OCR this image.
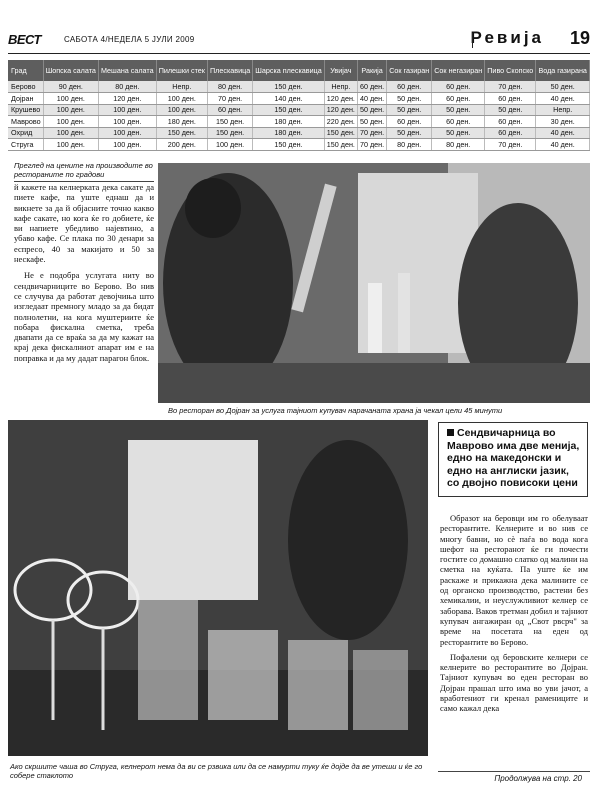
ВЕСТ	САБОТА 4/НЕДЕЛА 5 ЈУЛИ 2009	Ревија 19
Град	Шопска салата	Мешана салата	Пилешки стек	Плескавица	Шарска плескавица	Увијач	Ракија	Сок газиран	Сок негазиран	Пиво Скопско	Вода газирана
Берово	90 ден.	80 ден.	Непр.	80 ден.	150 ден.	Непр.	60 ден.	60 ден.	60 ден.	70 ден.	50 ден.
Дојран	100 ден.	120 ден.	100 ден.	70 ден.	140 ден.	120 ден.	40 ден.	50 ден.	60 ден.	60 ден.	40 ден.
Крушево	100 ден.	100 ден.	100 ден.	60 ден.	150 ден.	120 ден.	50 ден.	50 ден.	50 ден.	50 ден.	Непр.
Маврово	100 ден.	100 ден.	180 ден.	150 ден.	180 ден.	220 ден.	50 ден.	60 ден.	60 ден.	60 ден.	30 ден.
Охрид	100 ден.	100 ден.	150 ден.	150 ден.	180 ден.	150 ден.	70 ден.	50 ден.	50 ден.	60 ден.	40 ден.
Струга	100 ден.	100 ден.	200 ден.	100 ден.	150 ден.	150 ден.	70 ден.	80 ден.	80 ден.	70 ден.	40 ден.
Преглед на цените на производите во рестораните по градови

й кажете на келнерката дека сакате да пиете кафе, па уште еднаш да и викнете за да й објасните точно какво кафе сакате, но кога ќе го добиете, ќе ви напиете убедливо најевтино, а убаво кафе. Се плака по 30 денари за еспресо, 40 за макијато и 50 за нескафе.

Не е подобра услугата ниту во сендвичарниците во Берово. Во нив се случува да работат девојчиња што изгледаат премногу младо за да бидат полнолетни, на кога муштериите ќе побара фискална сметка, треба двапати да се враќа за да му кажат на крај дека фискалниот апарат им е на поправка и да му дадат парагон блок.

Во ресторан во Дојран за услуга тајниот купувач нарачаната храна ја чекал цели 45 минути
Ако скршите чаша во Струга, келнерот нема да ви се рзвика или да се намурти туку ќе дојде да ве утеши и ќе го собере стаклото
Сендвичарница во Маврово има две менија, едно на македонски и едно на англиски јазик, со двојно повисоки цени

Образот на беровци им го обелуваат ресторантите. Келнерите и во нив се многу бавни, но сè паѓа во вода кога шефот на ресторанот ќе ги почести гостите со домашно слатко од малини на сметка на куќата. Па уште ќе им раскаже и прикажна дека малините се од органско производство, растени без хемикалии, и неуслужливиот келнер се заборава. Ваков третман добил и тајниот купувач ангажиран од „Свот рвсрч" за време на посетата на еден од ресторантите во Берово.

Пофалени од беровските келнери се келнерите во ресторантите во Дојран. Тајниот купувач во еден ресторан во Дојран прашал што има во уви јачот, а вработениот ги кренал рамениците и само кажал дека

Продолжува на стр. 20
